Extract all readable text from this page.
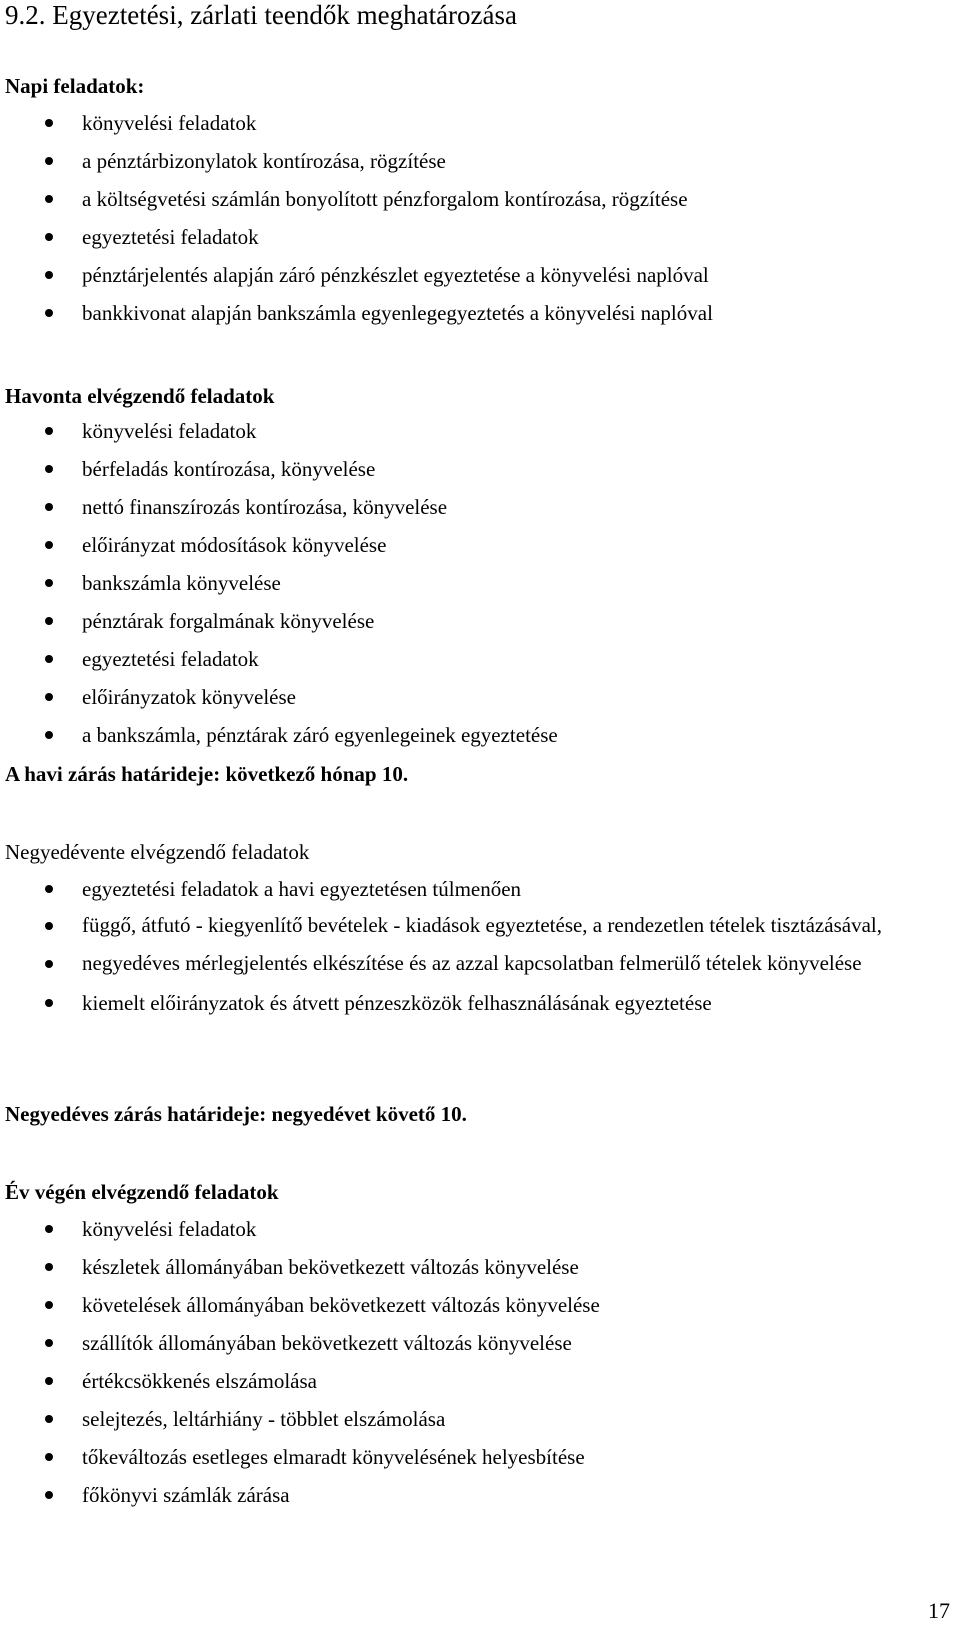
9.2. Egyeztetési, zárlati teendők meghatározása
Napi feladatok:
könyvelési feladatok
a pénztárbizonylatok kontírozása, rögzítése
a költségvetési számlán bonyolított pénzforgalom kontírozása, rögzítése
egyeztetési feladatok
pénztárjelentés alapján záró pénzkészlet egyeztetése a könyvelési naplóval
bankkivonat alapján bankszámla egyenlegegyeztetés a könyvelési naplóval
Havonta elvégzendő feladatok
könyvelési feladatok
bérfeladás kontírozása, könyvelése
nettó finanszírozás kontírozása, könyvelése
előirányzat módosítások könyvelése
bankszámla könyvelése
pénztárak forgalmának könyvelése
egyeztetési feladatok
előirányzatok könyvelése
a bankszámla, pénztárak záró egyenlegeinek egyeztetése
A havi zárás határideje: következő hónap 10.
Negyedévente elvégzendő feladatok
egyeztetési feladatok a havi egyeztetésen túlmenően
függő, átfutó - kiegyenlítő bevételek - kiadások egyeztetése, a rendezetlen tételek tisztázásával,
negyedéves mérlegjelentés elkészítése és az azzal kapcsolatban felmerülő tételek könyvelése
kiemelt előirányzatok és átvett pénzeszközök felhasználásának egyeztetése
Negyedéves zárás határideje: negyedévet követő 10.
Év végén elvégzendő feladatok
könyvelési feladatok
készletek állományában bekövetkezett változás könyvelése
követelések állományában bekövetkezett változás könyvelése
szállítók állományában bekövetkezett változás könyvelése
értékcsökkenés elszámolása
selejtezés, leltárhiány - többlet elszámolása
tőkeváltozás esetleges elmaradt könyvelésének helyesbítése
főkönyvi számlák zárása
17
